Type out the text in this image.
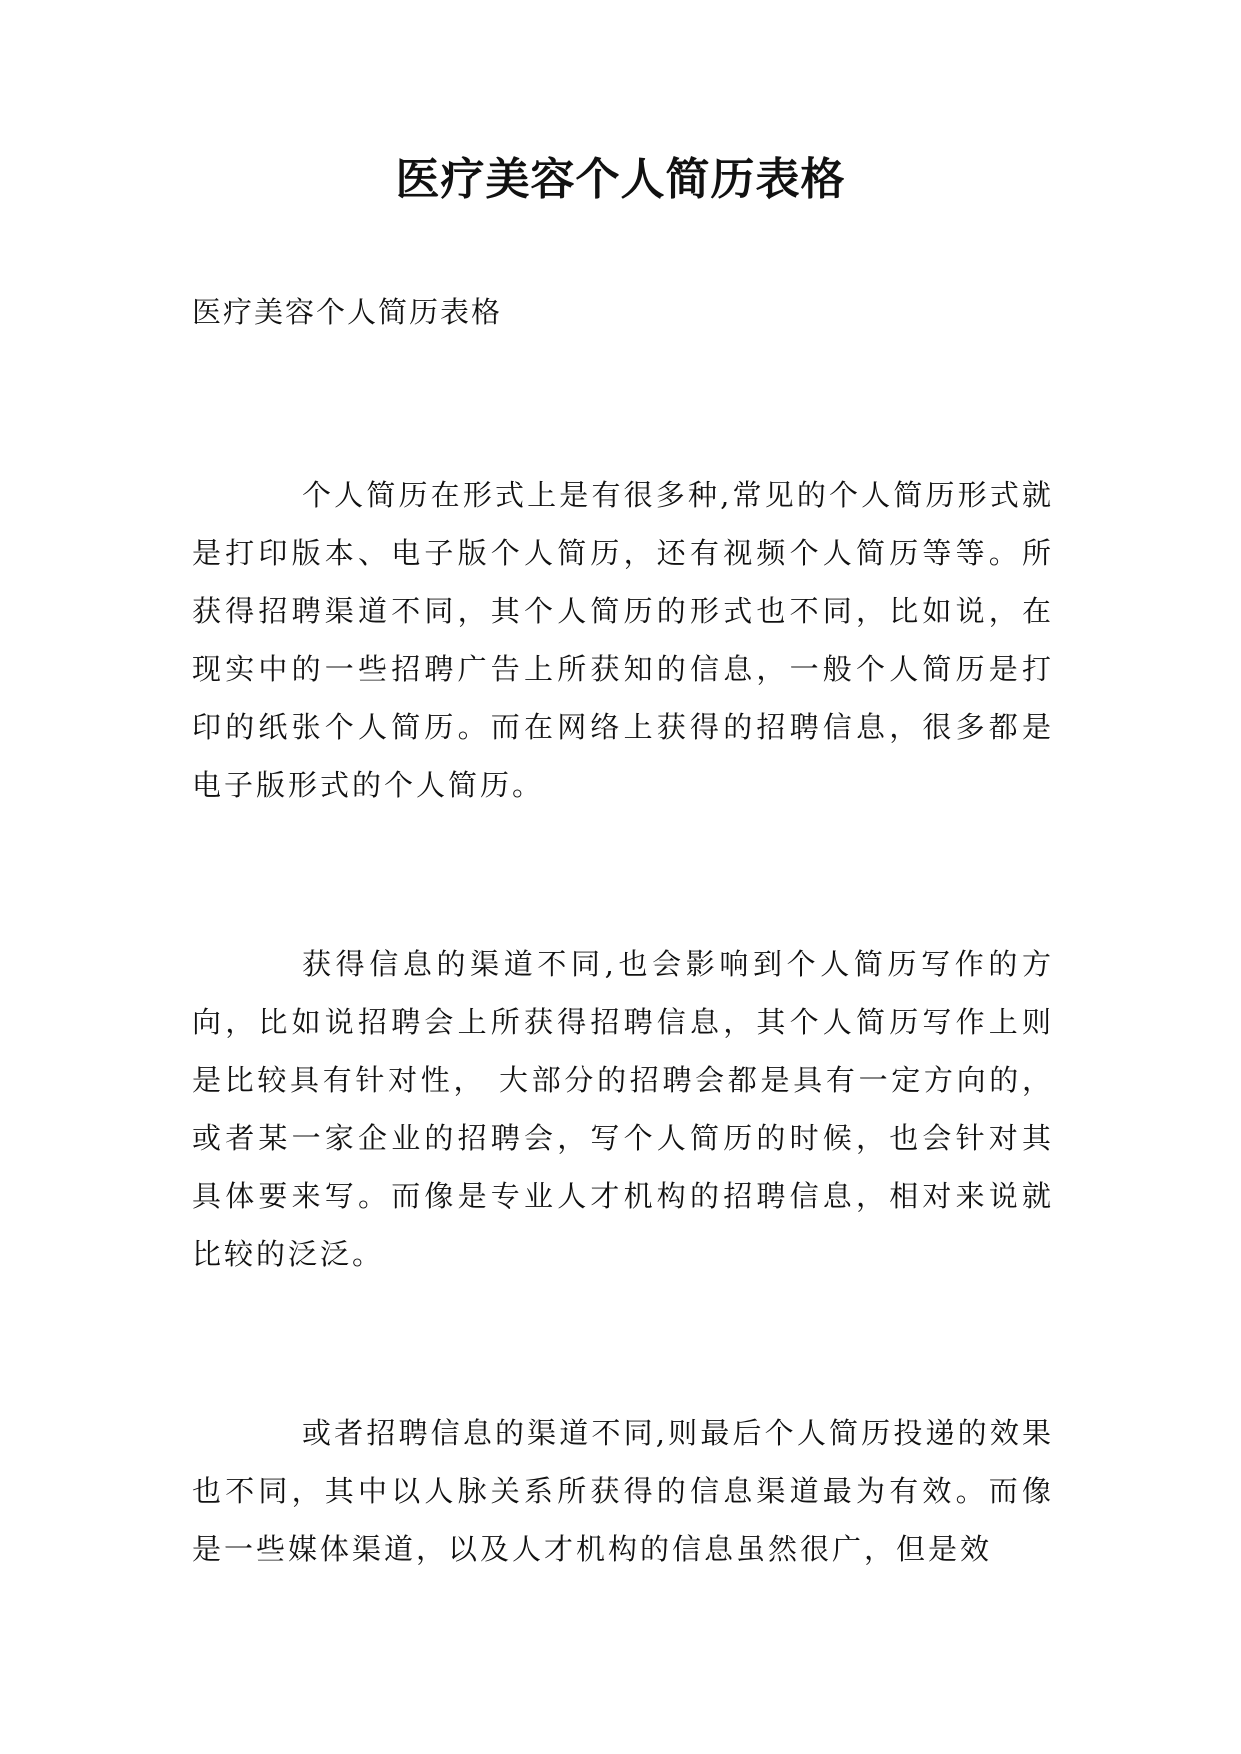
医疗美容个人简历表格

医疗美容个人简历表格

个人简历在形式上是有很多种,常见的个人简历形式就是打印版本、电子版个人简历，还有视频个人简历等等。所获得招聘渠道不同，其个人简历的形式也不同，比如说，在现实中的一些招聘广告上所获知的信息，一般个人简历是打印的纸张个人简历。而在网络上获得的招聘信息，很多都是电子版形式的个人简历。

获得信息的渠道不同,也会影响到个人简历写作的方向，比如说招聘会上所获得招聘信息，其个人简历写作上则是比较具有针对性， 大部分的招聘会都是具有一定方向的，或者某一家企业的招聘会，写个人简历的时候，也会针对其具体要来写。而像是专业人才机构的招聘信息，相对来说就比较的泛泛。

或者招聘信息的渠道不同,则最后个人简历投递的效果也不同，其中以人脉关系所获得的信息渠道最为有效。而像是一些媒体渠道，以及人才机构的信息虽然很广，但是效
